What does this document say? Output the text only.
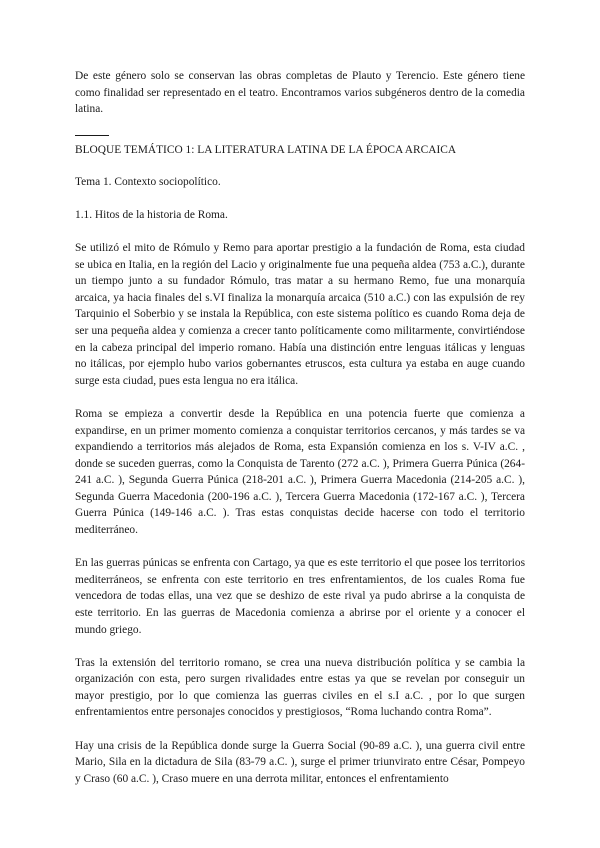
De este género solo se conservan las obras completas de Plauto y Terencio. Este género tiene como finalidad ser representado en el teatro. Encontramos varios subgéneros dentro de la comedia latina.

BLOQUE TEMÁTICO 1: LA LITERATURA LATINA DE LA ÉPOCA ARCAICA

Tema 1. Contexto sociopolítico.

1.1. Hitos de la historia de Roma.

Se utilizó el mito de Rómulo y Remo para aportar prestigio a la fundación de Roma, esta ciudad se ubica en Italia, en la región del Lacio y originalmente fue una pequeña aldea (753 a.C.), durante un tiempo junto a su fundador Rómulo, tras matar a su hermano Remo, fue una monarquía arcaica, ya hacia finales del s.VI finaliza la monarquía arcaica (510 a.C.) con las expulsión de rey Tarquinio el Soberbio y se instala la República, con este sistema político es cuando Roma deja de ser una pequeña aldea y comienza a crecer tanto políticamente como militarmente, convirtiéndose en la cabeza principal del imperio romano. Había una distinción entre lenguas itálicas y lenguas no itálicas, por ejemplo hubo varios gobernantes etruscos, esta cultura ya estaba en auge cuando surge esta ciudad, pues esta lengua no era itálica.

Roma se empieza a convertir desde la República en una potencia fuerte que comienza a expandirse, en un primer momento comienza a conquistar territorios cercanos, y más tardes se va expandiendo a territorios más alejados de Roma, esta Expansión comienza en los s. V-IV a.C. , donde se suceden guerras, como la Conquista de Tarento (272 a.C. ), Primera Guerra Púnica (264-241 a.C. ), Segunda Guerra Púnica (218-201 a.C. ), Primera Guerra Macedonia (214-205 a.C. ), Segunda Guerra Macedonia (200-196 a.C. ), Tercera Guerra Macedonia (172-167 a.C. ), Tercera Guerra Púnica (149-146 a.C. ). Tras estas conquistas decide hacerse con todo el territorio mediterráneo.

En las guerras púnicas se enfrenta con Cartago, ya que es este territorio el que posee los territorios mediterráneos, se enfrenta con este territorio en tres enfrentamientos, de los cuales Roma fue vencedora de todas ellas, una vez que se deshizo de este rival ya pudo abrirse a la conquista de este territorio. En las guerras de Macedonia comienza a abrirse por el oriente y a conocer el mundo griego.

Tras la extensión del territorio romano, se crea una nueva distribución política y se cambia la organización con esta, pero surgen rivalidades entre estas ya que se revelan por conseguir un mayor prestigio, por lo que comienza las guerras civiles en el s.I a.C. , por lo que surgen enfrentamientos entre personajes conocidos y prestigiosos, “Roma luchando contra Roma”.

Hay una crisis de la República donde surge la Guerra Social (90-89 a.C. ), una guerra civil entre Mario, Sila en la dictadura de Sila (83-79 a.C. ), surge el primer triunvirato entre César, Pompeyo y Craso (60 a.C. ), Craso muere en una derrota militar, entonces el enfrentamiento
